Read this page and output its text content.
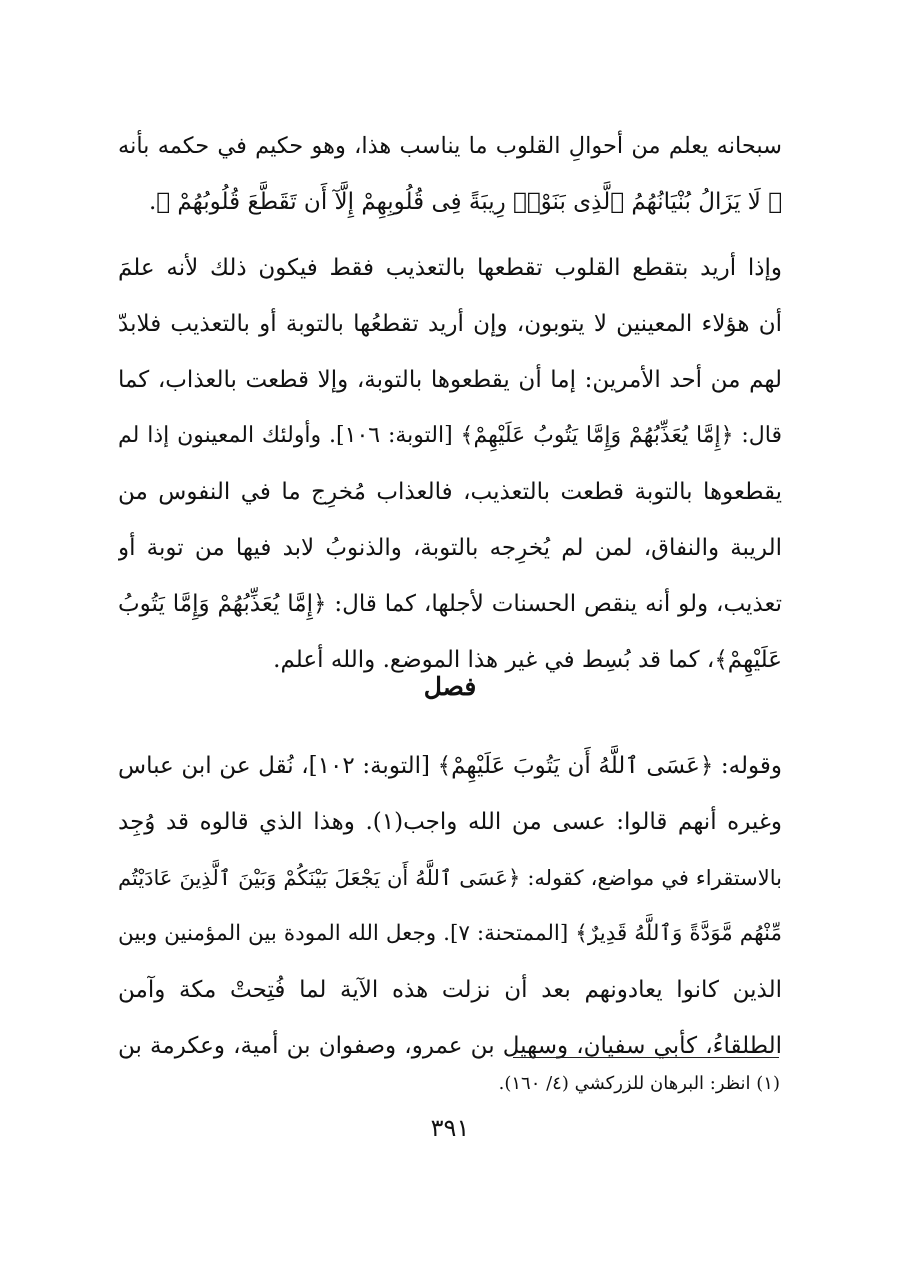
سبحانه يعلم من أحوالِ القلوب ما يناسب هذا، وهو حكيم في حكمه بأنه
﴿ لَا يَزَالُ بُنْيَانُهُمُ ٱلَّذِى بَنَوْا۟ رِيبَةً فِى قُلُوبِهِمْ إِلَّآ أَن تَقَطَّعَ قُلُوبُهُمْ ﴾.
وإذا أريد بتقطع القلوب تقطعها بالتعذيب فقط فيكون ذلك لأنه علمَ
أن هؤلاء المعينين لا يتوبون، وإن أريد تقطعُها بالتوبة أو بالتعذيب فلابدّ
لهم من أحد الأمرين: إما أن يقطعوها بالتوبة، وإلا قطعت بالعذاب، كما
قال: ﴿إِمَّا يُعَذِّبُهُمْ وَإِمَّا يَتُوبُ عَلَيْهِمْ﴾ [التوبة: ١٠٦]. وأولئك المعينون إذا لم
يقطعوها بالتوبة قطعت بالتعذيب، فالعذاب مُخرِج ما في النفوس من
الريبة والنفاق، لمن لم يُخرِجه بالتوبة، والذنوبُ لابد فيها من توبة أو
تعذيب، ولو أنه ينقص الحسنات لأجلها، كما قال: ﴿إِمَّا يُعَذِّبُهُمْ وَإِمَّا يَتُوبُ
عَلَيْهِمْ﴾، كما قد بُسِط في غير هذا الموضع. والله أعلم.
فصل
وقوله: ﴿عَسَى ٱللَّهُ أَن يَتُوبَ عَلَيْهِمْ﴾ [التوبة: ١٠٢]، نُقل عن ابن عباس
وغيره أنهم قالوا: عسى من الله واجب(١). وهذا الذي قالوه قد وُجِد
بالاستقراء في مواضع، كقوله: ﴿عَسَى ٱللَّهُ أَن يَجْعَلَ بَيْنَكُمْ وَبَيْنَ ٱلَّذِينَ عَادَيْتُم
مِّنْهُم مَّوَدَّةً وَٱللَّهُ قَدِيرٌ﴾ [الممتحنة: ٧]. وجعل الله المودة بين المؤمنين وبين
الذين كانوا يعادونهم بعد أن نزلت هذه الآية لما فُتِحتْ مكة وآمن
الطلقاءُ، كأبي سفيان، وسهيل بن عمرو، وصفوان بن أمية، وعكرمة بن
(١) انظر: البرهان للزركشي (٤/ ١٦٠).
٣٩١
